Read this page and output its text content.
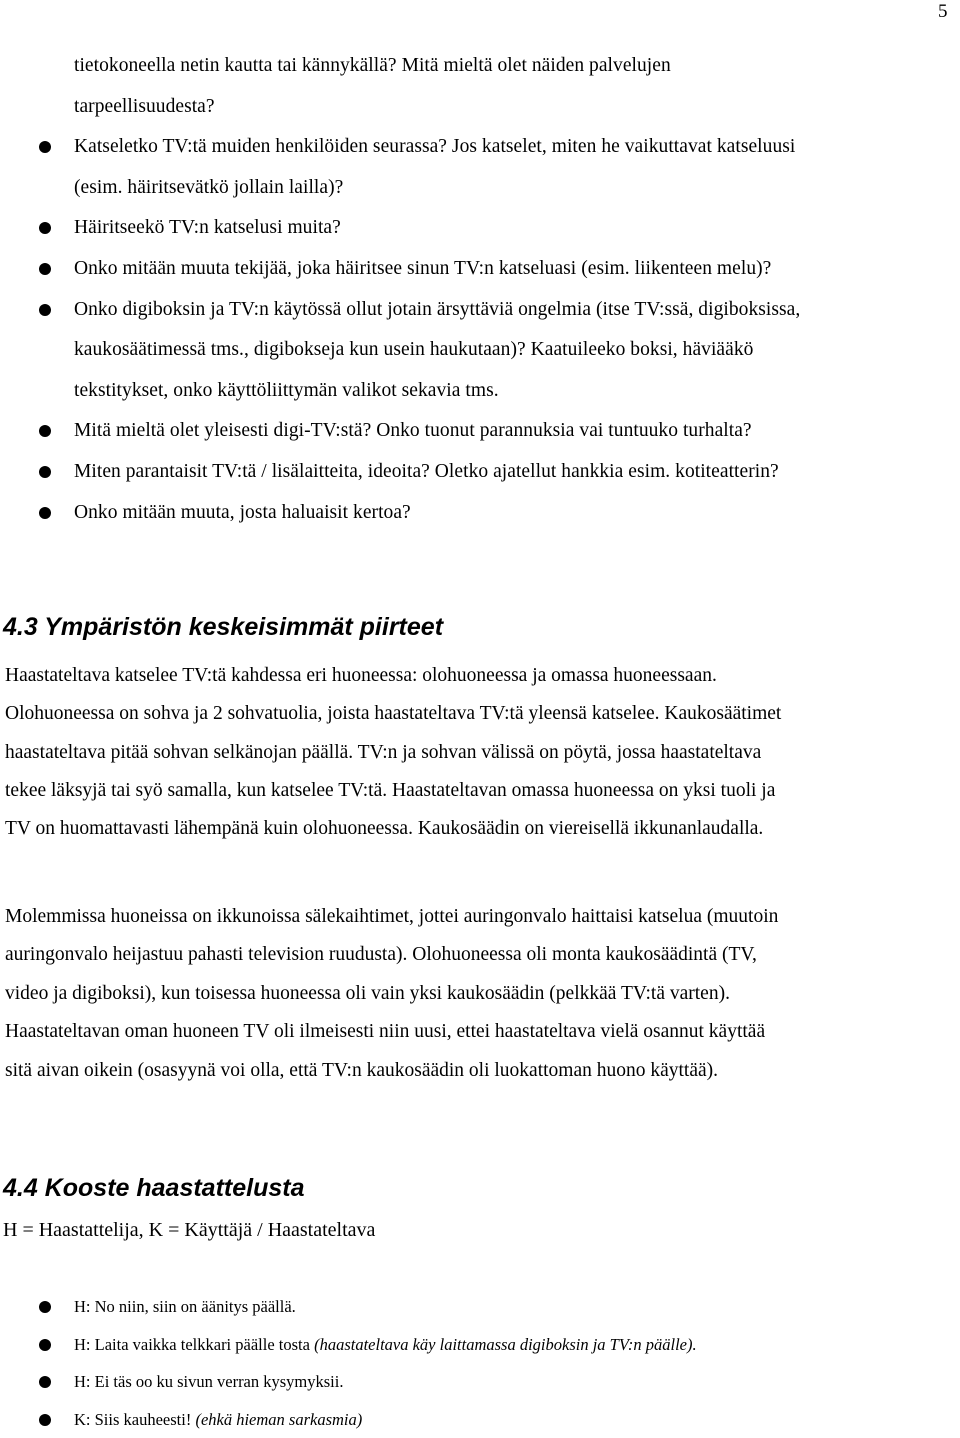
5
tietokoneella netin kautta tai kännykällä? Mitä mieltä olet näiden palvelujen
tarpeellisuudesta?
Katseletko TV:tä muiden henkilöiden seurassa? Jos katselet, miten he vaikuttavat katseluusi
(esim. häiritsevätkö jollain lailla)?
Häiritseekö TV:n katselusi muita?
Onko mitään muuta tekijää, joka häiritsee sinun TV:n katseluasi (esim. liikenteen melu)?
Onko digiboksin ja TV:n käytössä ollut jotain ärsyttäviä ongelmia (itse TV:ssä, digiboksissa,
kaukosäätimessä tms., digibokseja kun usein haukutaan)? Kaatuileeko boksi, häviääkö
tekstitykset, onko käyttöliittymän valikot sekavia tms.
Mitä mieltä olet yleisesti digi-TV:stä? Onko tuonut parannuksia vai tuntuuko turhalta?
Miten parantaisit TV:tä / lisälaitteita, ideoita? Oletko ajatellut hankkia esim. kotiteatterin?
Onko mitään muuta, josta haluaisit kertoa?
4.3 Ympäristön keskeisimmät piirteet
Haastateltava katselee TV:tä kahdessa eri huoneessa: olohuoneessa ja omassa huoneessaan.
Olohuoneessa on sohva ja 2 sohvatuolia, joista haastateltava TV:tä yleensä katselee. Kaukosäätimet
haastateltava pitää sohvan selkänojan päällä. TV:n ja sohvan välissä on pöytä, jossa haastateltava
tekee läksyjä tai syö samalla, kun katselee TV:tä. Haastateltavan omassa huoneessa on yksi tuoli ja
TV on huomattavasti lähempänä kuin olohuoneessa. Kaukosäädin on viereisellä ikkunanlaudalla.
Molemmissa huoneissa on ikkunoissa sälekaihtimet, jottei auringonvalo haittaisi katselua (muutoin
auringonvalo heijastuu pahasti television ruudusta). Olohuoneessa oli monta kaukosäädintä (TV,
video ja digiboksi), kun toisessa huoneessa oli vain yksi kaukosäädin (pelkkää TV:tä varten).
Haastateltavan oman huoneen TV oli ilmeisesti niin uusi, ettei haastateltava vielä osannut käyttää
sitä aivan oikein (osasyynä voi olla, että TV:n kaukosäädin oli luokattoman huono käyttää).
4.4 Kooste haastattelusta
H = Haastattelija, K = Käyttäjä / Haastateltava
H: No niin, siin on äänitys päällä.
H: Laita vaikka telkkari päälle tosta (haastateltava käy laittamassa digiboksin ja TV:n päälle).
H: Ei täs oo ku sivun verran kysymyksii.
K: Siis kauheesti! (ehkä hieman sarkasmia)
